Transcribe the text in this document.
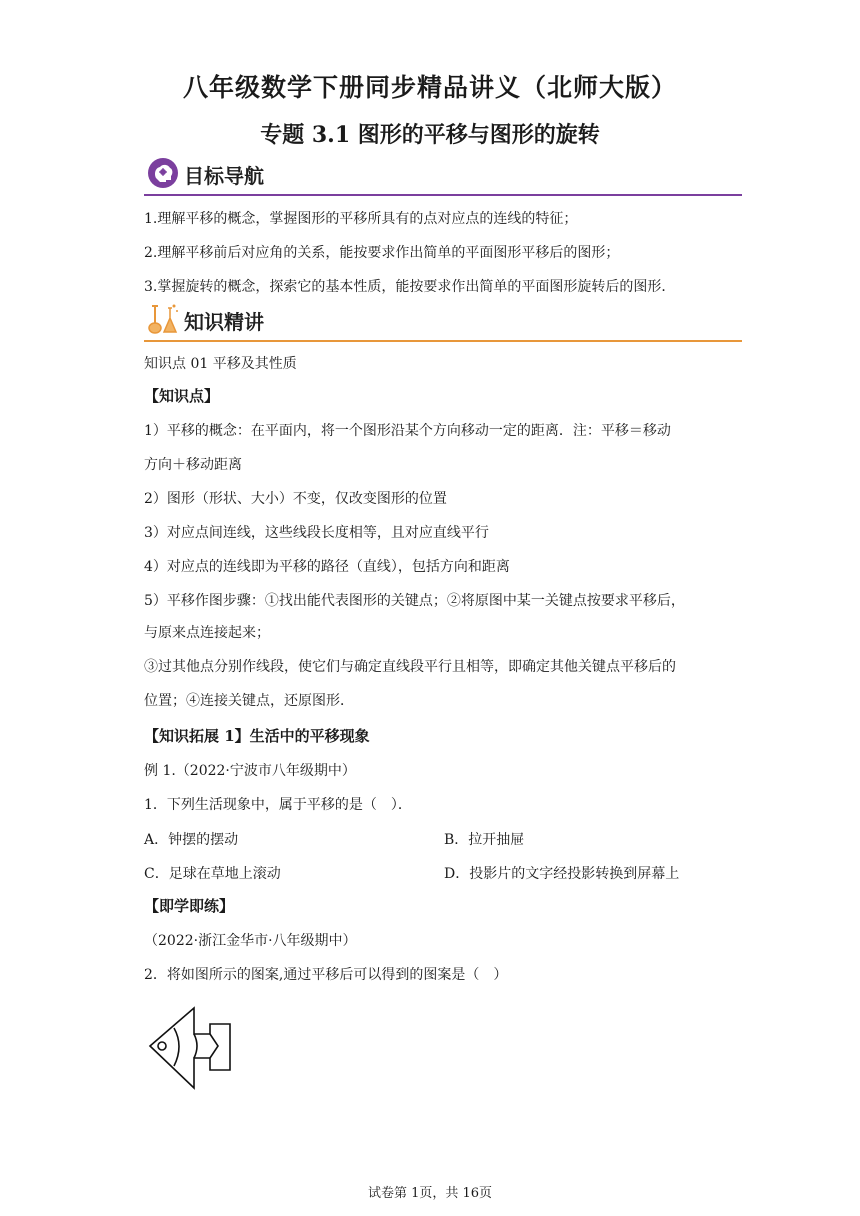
八年级数学下册同步精品讲义（北师大版）
专题 3.1 图形的平移与图形的旋转
目标导航
1.理解平移的概念，掌握图形的平移所具有的点对应点的连线的特征；
2.理解平移前后对应角的关系，能按要求作出简单的平面图形平移后的图形；
3.掌握旋转的概念，探索它的基本性质，能按要求作出简单的平面图形旋转后的图形．
知识精讲
知识点 01 平移及其性质
【知识点】
1）平移的概念：在平面内，将一个图形沿某个方向移动一定的距离．注：平移＝移动
方向＋移动距离
2）图形（形状、大小）不变，仅改变图形的位置
3）对应点间连线，这些线段长度相等，且对应直线平行
4）对应点的连线即为平移的路径（直线），包括方向和距离
5）平移作图步骤：①找出能代表图形的关键点；②将原图中某一关键点按要求平移后，
与原来点连接起来；
③过其他点分别作线段，使它们与确定直线段平行且相等，即确定其他关键点平移后的
位置；④连接关键点，还原图形．
【知识拓展 1】生活中的平移现象
例 1.（2022·宁波市八年级期中）
1．下列生活现象中，属于平移的是（　）．
A．钟摆的摆动	B．拉开抽屉
C．足球在草地上滚动	D．投影片的文字经投影转换到屏幕上
【即学即练】
（2022·浙江金华市·八年级期中）
2．将如图所示的图案,通过平移后可以得到的图案是（　）
试卷第 1页，共 16页
